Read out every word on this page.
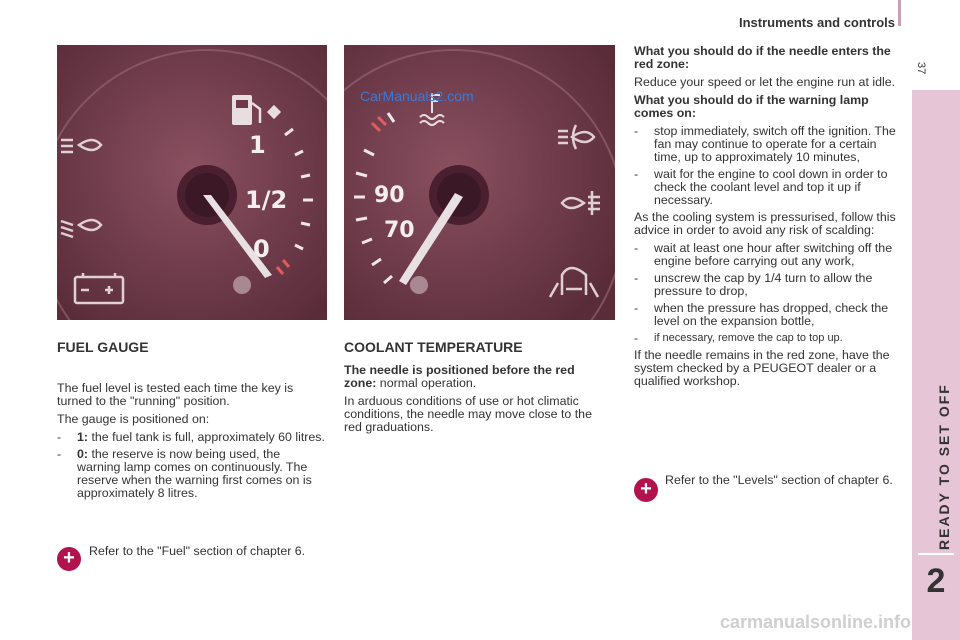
Instruments and controls
37
READY TO SET OFF
2
1
1/2
0
90
70
CarManuals2.com
FUEL GAUGE

The fuel level is tested each time the key is turned to the "running" position.

The gauge is positioned on:

-	1: the fuel tank is full, approximately 60 litres.
-	0: the reserve is now being used, the warning lamp comes on continuously. The reserve when the warning first comes on is approximately 8 litres.
+	Refer to the "Fuel" section of chapter 6.
COOLANT TEMPERATURE

The needle is positioned before the red zone: normal operation.

In arduous conditions of use or hot climatic conditions, the needle may move close to the red graduations.

What you should do if the needle enters the red zone:

Reduce your speed or let the engine run at idle.

What you should do if the warning lamp comes on:

-	stop immediately, switch off the ignition. The fan may continue to operate for a certain time, up to approximately 10 minutes,
-	wait for the engine to cool down in order to check the coolant level and top it up if necessary.

As the cooling system is pressurised, follow this advice in order to avoid any risk of scalding:

-	wait at least one hour after switching off the engine before carrying out any work,
-	unscrew the cap by 1/4 turn to allow the pressure to drop,
-	when the pressure has dropped, check the level on the expansion bottle,
-	if necessary, remove the cap to top up.

If the needle remains in the red zone, have the system checked by a PEUGEOT dealer or a qualified workshop.

+	Refer to the "Levels" section of chapter 6.
carmanualsonline.info
